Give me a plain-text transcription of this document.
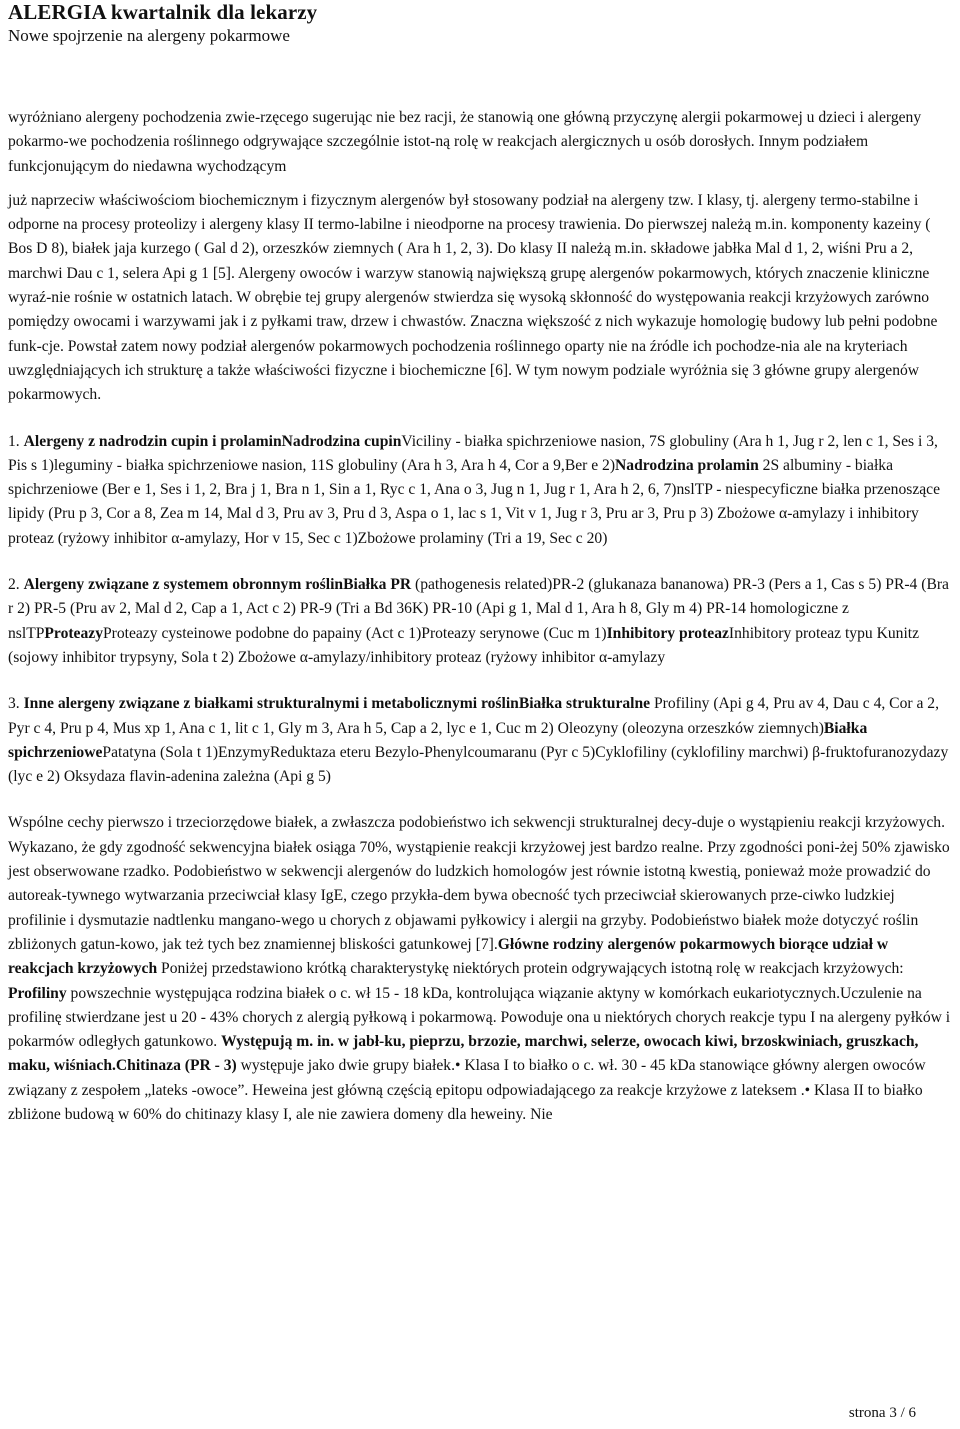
ALERGIA kwartalnik dla lekarzy

Nowe spojrzenie na alergeny pokarmowe

wyróżniano alergeny pochodzenia zwie-rzęcego sugerując nie bez racji, że stanowią one główną przyczynę alergii pokarmowej u dzieci i alergeny pokarmo-we pochodzenia roślinnego odgrywające szczególnie istot-ną rolę w reakcjach alergicznych u osób dorosłych. Innym podziałem funkcjonującym do niedawna wychodzącym

już naprzeciw właściwościom biochemicznym i fizycznym alergenów był stosowany podział na alergeny tzw. I klasy, tj. alergeny termo-stabilne i odporne na procesy proteolizy i alergeny klasy II termo-labilne i nieodporne na procesy trawienia. Do pierwszej należą m.in. komponenty kazeiny ( Bos D 8), białek jaja kurzego ( Gal d 2), orzeszków ziemnych ( Ara h 1, 2, 3). Do klasy II należą m.in. składowe jabłka Mal d 1, 2, wiśni Pru a 2, marchwi Dau c 1, selera Api g 1 [5]. Alergeny owoców i warzyw stanowią największą grupę alergenów pokarmowych, których znaczenie kliniczne wyraź-nie rośnie w ostatnich latach. W obrębie tej grupy alergenów stwierdza się wysoką skłonność do występowania reakcji krzyżowych zarówno pomiędzy owocami i warzywami jak i z pyłkami traw, drzew i chwastów. Znaczna większość z nich wykazuje homologię budowy lub pełni podobne funk-cje. Powstał zatem nowy podział alergenów pokarmowych pochodzenia roślinnego oparty nie na źródle ich pochodze-nia ale na kryteriach uwzględniających ich strukturę a także właściwości fizyczne i biochemiczne [6]. W tym nowym podziale wyróżnia się 3 główne grupy alergenów pokarmowych.

1. Alergeny z nadrodzin cupin i prolaminNadrodzina cupinViciliny - białka spichrzeniowe nasion, 7S globuliny (Ara h 1, Jug r 2, len c 1, Ses i 3, Pis s 1)leguminy - białka spichrzeniowe nasion, 11S globuliny (Ara h 3, Ara h 4, Cor a 9,Ber e 2)Nadrodzina prolamin 2S albuminy - białka spichrzeniowe (Ber e 1, Ses i 1, 2, Bra j 1, Bra n 1, Sin a 1, Ryc c 1, Ana o 3, Jug n 1, Jug r 1, Ara h 2, 6, 7)nslTP - niespecyficzne białka przenoszące lipidy (Pru p 3, Cor a 8, Zea m 14, Mal d 3, Pru av 3, Pru d 3, Aspa o 1, lac s 1, Vit v 1, Jug r 3, Pru ar 3, Pru p 3) Zbożowe α-amylazy i inhibitory proteaz (ryżowy inhibitor α-amylazy, Hor v 15, Sec c 1)Zbożowe prolaminy (Tri a 19, Sec c 20)

2. Alergeny związane z systemem obronnym roślinBiałka PR (pathogenesis related)PR-2 (glukanaza bananowa) PR-3 (Pers a 1, Cas s 5) PR-4 (Bra r 2) PR-5 (Pru av 2, Mal d 2, Cap a 1, Act c 2) PR-9 (Tri a Bd 36K) PR-10 (Api g 1, Mal d 1, Ara h 8, Gly m 4) PR-14 homologiczne z nslTPProteazyProteazy cysteinowe podobne do papainy (Act c 1)Proteazy serynowe (Cuc m 1)Inhibitory proteazInhibitory proteaz typu Kunitz (sojowy inhibitor trypsyny, Sola t 2) Zbożowe α-amylazy/inhibitory proteaz (ryżowy inhibitor α-amylazy

3. Inne alergeny związane z białkami strukturalnymi i metabolicznymi roślinBiałka strukturalne Profiliny (Api g 4, Pru av 4, Dau c 4, Cor a 2, Pyr c 4, Pru p 4, Mus xp 1, Ana c 1, lit c 1, Gly m 3, Ara h 5, Cap a 2, lyc e 1, Cuc m 2) Oleozyny (oleozyna orzeszków ziemnych)Białka spichrzeniowePatatyna (Sola t 1)EnzymyReduktaza eteru Bezylo-Phenylcoumaranu (Pyr c 5)Cyklofiliny (cyklofiliny marchwi) β-fruktofuranozydazy (lyc e 2) Oksydaza flavin-adenina zależna (Api g 5)

Wspólne cechy pierwszo i trzeciorzędowe białek, a zwłaszcza podobieństwo ich sekwencji strukturalnej decy-duje o wystąpieniu reakcji krzyżowych. Wykazano, że gdy zgodność sekwencyjna białek osiąga 70%, wystąpienie reakcji krzyżowej jest bardzo realne. Przy zgodności poni-żej 50% zjawisko jest obserwowane rzadko. Podobieństwo w sekwencji alergenów do ludzkich homologów jest równie istotną kwestią, ponieważ może prowadzić do autoreak-tywnego wytwarzania przeciwciał klasy IgE, czego przykła-dem bywa obecność tych przeciwciał skierowanych prze-ciwko ludzkiej profilinie i dysmutazie nadtlenku mangano-wego u chorych z objawami pyłkowicy i alergii na grzyby. Podobieństwo białek może dotyczyć roślin zbliżonych gatun-kowo, jak też tych bez znamiennej bliskości gatunkowej [7].Główne rodziny alergenów pokarmowych biorące udział w reakcjach krzyżowych Poniżej przedstawiono krótką charakterystykę niektórych protein odgrywających istotną rolę w reakcjach krzyżowych: Profiliny powszechnie występująca rodzina białek o c. wł 15 - 18 kDa, kontrolująca wiązanie aktyny w komórkach eukariotycznych.Uczulenie na profilinę stwierdzane jest u 20 - 43% chorych z alergią pyłkową i pokarmową. Powoduje ona u niektórych chorych reakcje typu I na alergeny pyłków i pokarmów odległych gatunkowo. Występują m. in. w jabł-ku, pieprzu, brzozie, marchwi, selerze, owocach kiwi, brzoskwiniach, gruszkach, maku, wiśniach.Chitinaza (PR - 3) występuje jako dwie grupy białek.• Klasa I to białko o c. wł. 30 - 45 kDa stanowiące główny alergen owoców związany z zespołem „lateks -owoce”. Heweina jest główną częścią epitopu odpowiadającego za reakcje krzyżowe z lateksem .• Klasa II to białko zbliżone budową w 60% do chitinazy klasy I, ale nie zawiera domeny dla heweiny. Nie

strona 3 / 6
